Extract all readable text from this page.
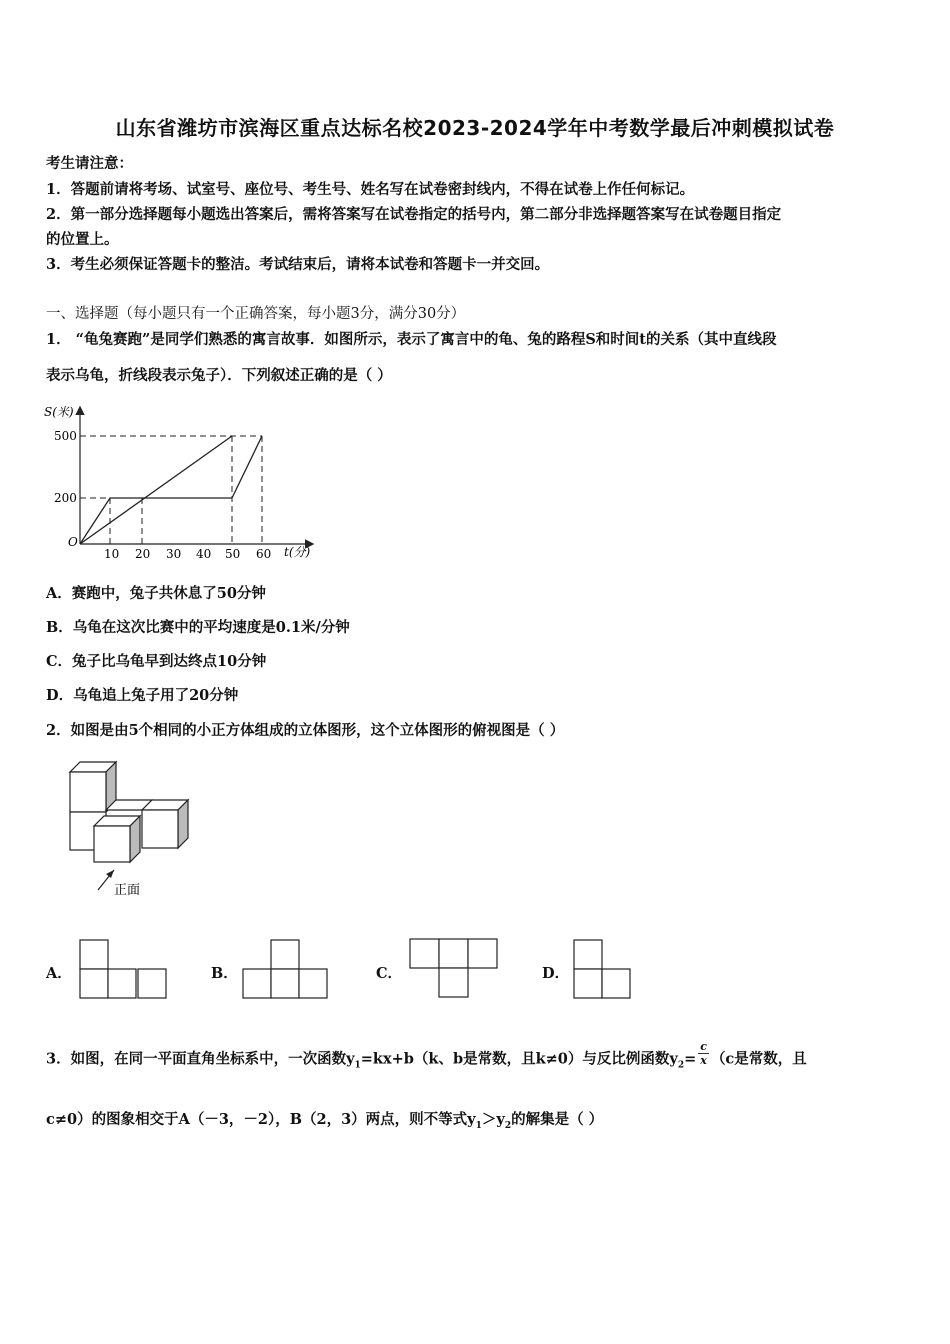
山东省潍坊市滨海区重点达标名校2023-2024学年中考数学最后冲刺模拟试卷
考生请注意：
1．答题前请将考场、试室号、座位号、考生号、姓名写在试卷密封线内，不得在试卷上作任何标记。
2．第一部分选择题每小题选出答案后，需将答案写在试卷指定的括号内，第二部分非选择题答案写在试卷题目指定
的位置上。
3．考生必须保证答题卡的整洁。考试结束后，请将本试卷和答题卡一并交回。
一、选择题（每小题只有一个正确答案，每小题3分，满分30分）
1． “龟兔赛跑”是同学们熟悉的寓言故事．如图所示，表示了寓言中的龟、兔的路程S和时间t的关系（其中直线段
表示乌龟，折线段表示兔子）．下列叙述正确的是（ ）
S(米)
t(分)
O
500
200
10 20 30 40 50 60
A．赛跑中，兔子共休息了50分钟
B．乌龟在这次比赛中的平均速度是0.1米/分钟
C．兔子比乌龟早到达终点10分钟
D．乌龟追上兔子用了20分钟
2．如图是由5个相同的小正方体组成的立体图形，这个立体图形的俯视图是（ ）
正面
A．	B．	C．	D．
3．如图，在同一平面直角坐标系中，一次函数$y_1=kx+b(k$、b是常数，且k≠0）与反比例函数$y_2= \frac{c}{x} (c$是常数，且
c≠0）的图象相交于A（－3，－2），B（2，3）两点，则不等式$y_1>y_2$的解集是（ ）
